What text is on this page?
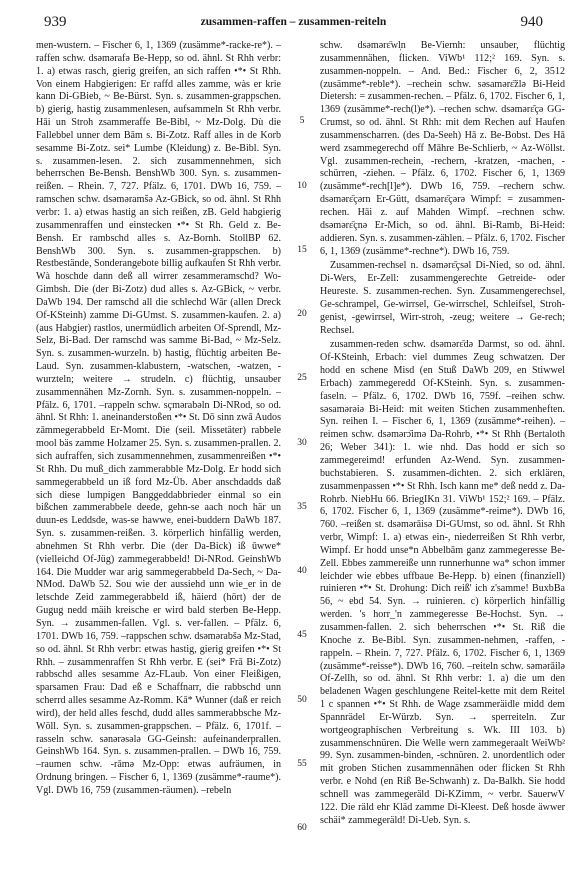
939	zusammen-raffen – zusammen-reiteln	940

men-wustern. – Fischer 6, 1, 1369 (zusämme*-racke-re*). –raffen schw. dsəmərafə Be-Hepp, so od. ähnl. St Rhh verbr: 1. a) etwas rasch, gierig greifen, an sich raffen •*• St Rhh. Von einem Habgierigen: Er raffd alles zamme, wàs er krie kann Di-GBieb, ~ Be-Bürst. Syn. s. zusammen-grappschen. b) gierig, hastig zusammenlesen, aufsammeln St Rhh verbr. Hāi un Stroh zsammeraffe Be-Bibl, ~ Mz-Dolg. Dù die Fallebbel unner dem Bām s. Bi-Zotz. Raff alles in de Korb sesamme Bi-Zotz. sei* Lumbe (Kleidung) z. Be-Bibl. Syn. s. zusammen-lesen. 2. sich zusammennehmen, sich beherrschen Be-Bensh. BenshWb 300. Syn. s. zusammen-reißen. – Rhein. 7, 727. Pfälz. 6, 1701. DWb 16, 759. –ramschen schw. dsəmərams̆ə Az-GBick, so od. ähnl. St Rhh verbr: 1. a) etwas hastig an sich reißen, zB. Geld habgierig zusammenraffen und einstecken •*• St Rh. Geld z. Be-Bensh. Er rambschd alles s. Az-Bornh. StollBP 62. BenshWb 300. Syn. s. zusammen-grappschen. b) Restbestände, Sonderangebote billig aufkaufen St Rhh verbr. Wà hoschde dann deß all wirrer zesammeramschd? Wo-Gimbsh. Die (der Bi-Zotz) dud alles s. Az-GBick, ~ verbr. DaWb 194. Der ramschd all die schlechd Wār (allen Dreck Of-KSteinh) zamme Di-GUmst. S. zusammen-kaufen. 2. a) (aus Habgier) rastlos, unermüdlich arbeiten Of-Sprendl, Mz-Selz, Bi-Bad. Der ramschd was samme Bi-Bad, ~ Mz-Selz. Syn. s. zusammen-wurzeln. b) hastig, flüchtig arbeiten Be-Laud. Syn. zusammen-klabustern, -watschen, -watzen, -wurzteln; weitere → strudeln. c) flüchtig, unsauber zusammennähen Mz-Zornh. Syn. s. zusammen-noppeln. – Pfälz. 6, 1701. –rappeln schw. sçmərabəln Di-NRod, so od. ähnl. St Rhh: 1. aneinanderstoßen •*• St. Dō sinn zwā Audos zāmmegerabbeld Er-Momt. Die (seil. Missetäter) rabbele mool bäs zamme Holzamer 25. Syn. s. zusammen-prallen. 2. sich aufraffen, sich zusammennehmen, zusammenreißen •*• St Rhh. Du muß_dich zammerabble Mz-Dolg. Er hodd sich sammegerabbeld un iß ford Mz-Üb. Aber anschdadds daß sich diese lumpigen Banggeddabbrieder einmal so ein bißchen zammerabbele deede, gehn-se aach noch här un duun-es Leddsde, was-se hawwe, enei-buddern DaWb 187. Syn. s. zusammen-reißen. 3. körperlich hinfällig werden, abnehmen St Rhh verbr. Die (der Da-Bick) iß ūwwe* (vielleichd Of-Jüg) zammegerabbeld! Di-NRod. GeinshWb 164. Die Mudder war arig sammegerabbeld Da-Sech, ~ Da-NMod. DaWb 52. Sou wie der aussiehd unn wie_er in de letschde Zeid zammegerabbeld iß, häierd (hört) der de Gugug nedd mäih kreische er wird bald sterben Be-Hepp. Syn. → zusammen-fallen. Vgl. s. ver-fallen. – Pfälz. 6, 1701. DWb 16, 759. –rappschen schw. dsəmərabšə Mz-Stad, so od. ähnl. St Rhh verbr: etwas hastig, gierig greifen •*• St Rhh. – zusammenraffen St Rhh verbr. E (sei* Frā Bi-Zotz) rabbschd alles sesamme Az-FLaub. Von einer Fleißigen, sparsamen Frau: Dad eß e Schaffnarr, die rabbschd unn scherrd alles sesamme Az-Romm. Kā* Wunner (daß er reich wird), der held alles feschd, dudd alles sammerabbsche Mz-Wöll. Syn. s. zusammen-grappschen. – Pfälz. 6, 1701f. –rasseln schw. sənərəsələ GG-Geinsh: aufeinanderprallen. GeinshWb 164. Syn. s. zusammen-prallen. – DWb 16, 759. –raumen schw. -rāmə Mz-Opp: etwas aufräumen, in Ordnung bringen. – Fischer 6, 1, 1369 (zusämme*-raume*). Vgl. DWb 16, 759 (zusammen-räumen). –rebeln

5
10
15
20
25
30
35
40
45
50
55
60

schw. dsəmərɛ̄wl̩n Be-Viernh: unsauber, flüchtig zusammennähen, flicken. ViWb¹ 112;² 169. Syn. s. zusammen-noppeln. – And. Bed.: Fischer 6, 2, 3512 (zusämme*-reble*). –rechein schw. səsamərɛ̄žlə Bi-Heid Dietersh: = zusammen-rechen. – Pfälz. 6, 1702. Fischer 6, 1, 1369 (zusämme*-rech(l)e*). –rechen schw. dsəmərɛ̄çə GG-Crumst, so od. ähnl. St Rhh: mit dem Rechen auf Haufen zusammenscharren. (des Da-Seeh) Hā z. Be-Bobst. Des Hā werd zsammegerechd off Māhre Be-Schlierb, ~ Az-Wöllst. Vgl. zusammen-rechein, -rechern, -kratzen, -machen, -schürren, -ziehen. – Pfälz. 6, 1702. Fischer 6, 1, 1369 (zusämme*-rech[l]e*). DWb 16, 759. –rechern schw. dsəmərɛ̄çərn Er-Gütt, dsamərɛ̄çərə Wimpf: = zusammen-rechen. Hāi z. auf Mahden Wimpf. –rechnen schw. dsəmərɛ̄çnə Er-Mich, so od. ähnl. Bi-Ramb, Bi-Heid: addieren. Syn. s. zusammen-zählen. – Pfälz. 6, 1702. Fischer 6, 1, 1369 (zusämme*-rechne*). DWb 16, 759.

Zusammen-rechsel n. dsəmərɛ̄çsəl Di-Nied, so od. ähnl. Di-Wers, Er-Zell: zusammengerechte Getreide- oder Heureste. S. zusammen-rechen. Syn. Zusammengerechsel, Ge-schrampel, Ge-wirrsel, Ge-wirrschel, Schleifsel, Stroh-genist, -gewirrsel, Wirr-stroh, -zeug; weitere → Ge-rech; Rechsel.

zusammen-reden schw. dsəmərɛ̄də Darmst, so od. ähnl. Of-KSteinh, Erbach: viel dummes Zeug schwatzen. Der hodd en schene Misd (en Stuß DaWb 209, en Stiwwel Erbach) zammegeredd Of-KSteinh. Syn. s. zusammen-faseln. – Pfälz. 6, 1702. DWb 16, 759f. –reihen schw. səsamərəiə Bi-Heid: mit weiten Stichen zusammenheften. Syn. reihen I. – Fischer 6, 1, 1369 (zusämme*-reihen). –reimen schw. dsəmərɔ̄imə Da-Rohrb, •*• St Rhh (Bertaloth 26; Weber 341): 1. wie nhd. Das hodd er sich so zammegereimd! erfunden Az-Wend. Syn. zusammen-buchstabieren. S. zusammen-dichten. 2. sich erklären, zusammenpassen •*• St Rhh. Isch kann me* deß nedd z. Da-Rohrb. NiebHu 66. BriegIKn 31. ViWb¹ 152;² 169. – Pfälz. 6, 1702. Fischer 6, 1, 1369 (zusämme*-reime*). DWb 16, 760. –reißen st. dsəmərāisə Di-GUmst, so od. ähnl. St Rhh verbr, Wimpf: 1. a) etwas ein-, niederreißen St Rhh verbr, Wimpf. Er hodd unse*n Abbelbām ganz zammegeresse Be-Zell. Ebbes zammereiße unn runnerhunne wa* schon immer leichder wie ebbes uffbaue Be-Hepp. b) einen (finanziell) ruinieren •*• St. Drohung: Dich reiß' ich z'samme! BuxbBa 56, ~ ebd 54. Syn. → ruinieren. c) körperlich hinfällig werden. 's horr_'n zammegeresse Be-Hochst. Syn. → zusammen-fallen. 2. sich beherrschen •*• St. Riß die Knoche z. Be-Bibl. Syn. zusammen-nehmen, -raffen, -rappeln. – Rhein. 7, 727. Pfälz. 6, 1702. Fischer 6, 1, 1369 (zusämme*-reisse*). DWb 16, 760. –reiteln schw. səmərāilə Of-Zellh, so od. ähnl. St Rhh verbr: 1. a) die um den beladenen Wagen geschlungene Reitel-kette mit dem Reitel 1 c spannen •*• St Rhh. de Wage zsammeräidle midd dem Spannrädel Er-Würzb. Syn. → sperreiteln. Zur wortgeographischen Verbreitung s. Wk. III 103. b) zusammenschnüren. Die Welle wern zammegeraalt WeiWb² 99. Syn. zusammen-binden, -schnüren. 2. unordentlich oder mit groben Stichen zusammennähen oder flicken St Rhh verbr. e Nohd (en Riß Be-Schwanh) z. Da-Balkh. Sie hodd schnell was zammegeräld Di-KZimm, ~ verbr. SauerwV 122. Die räld ehr Kläd zamme Di-Kleest. Deß hosde äwwer schäi* zammegeräld! Di-Ueb. Syn. s.
